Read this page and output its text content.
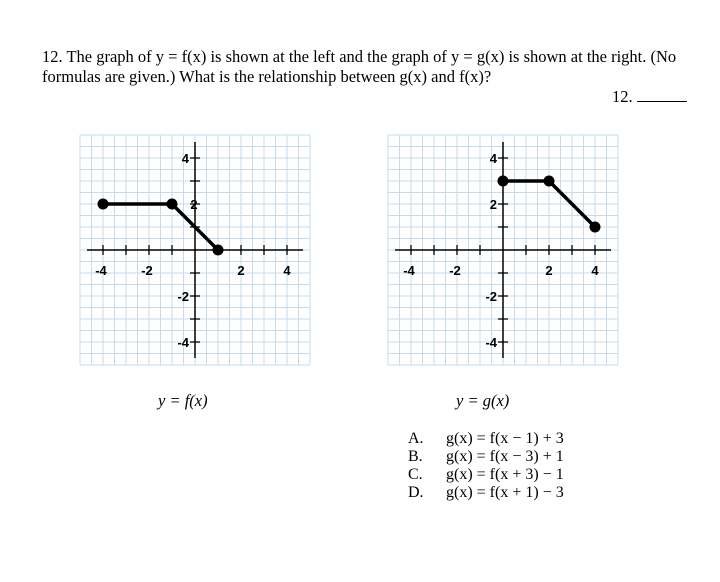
12. The graph of y = f(x) is shown at the left and the graph of y = g(x) is shown at the right. (No formulas are given.) What is the relationship between g(x) and f(x)?
12.
-4	-2	2	4
4
-2
-4
2
-4	-2	2	4
4
2
-2
-4
y = f(x)	y = g(x)
A.	g(x) = f(x − 1) + 3
B.	g(x) = f(x − 3) + 1
C.	g(x) = f(x + 3) − 1
D.	g(x) = f(x + 1) − 3
